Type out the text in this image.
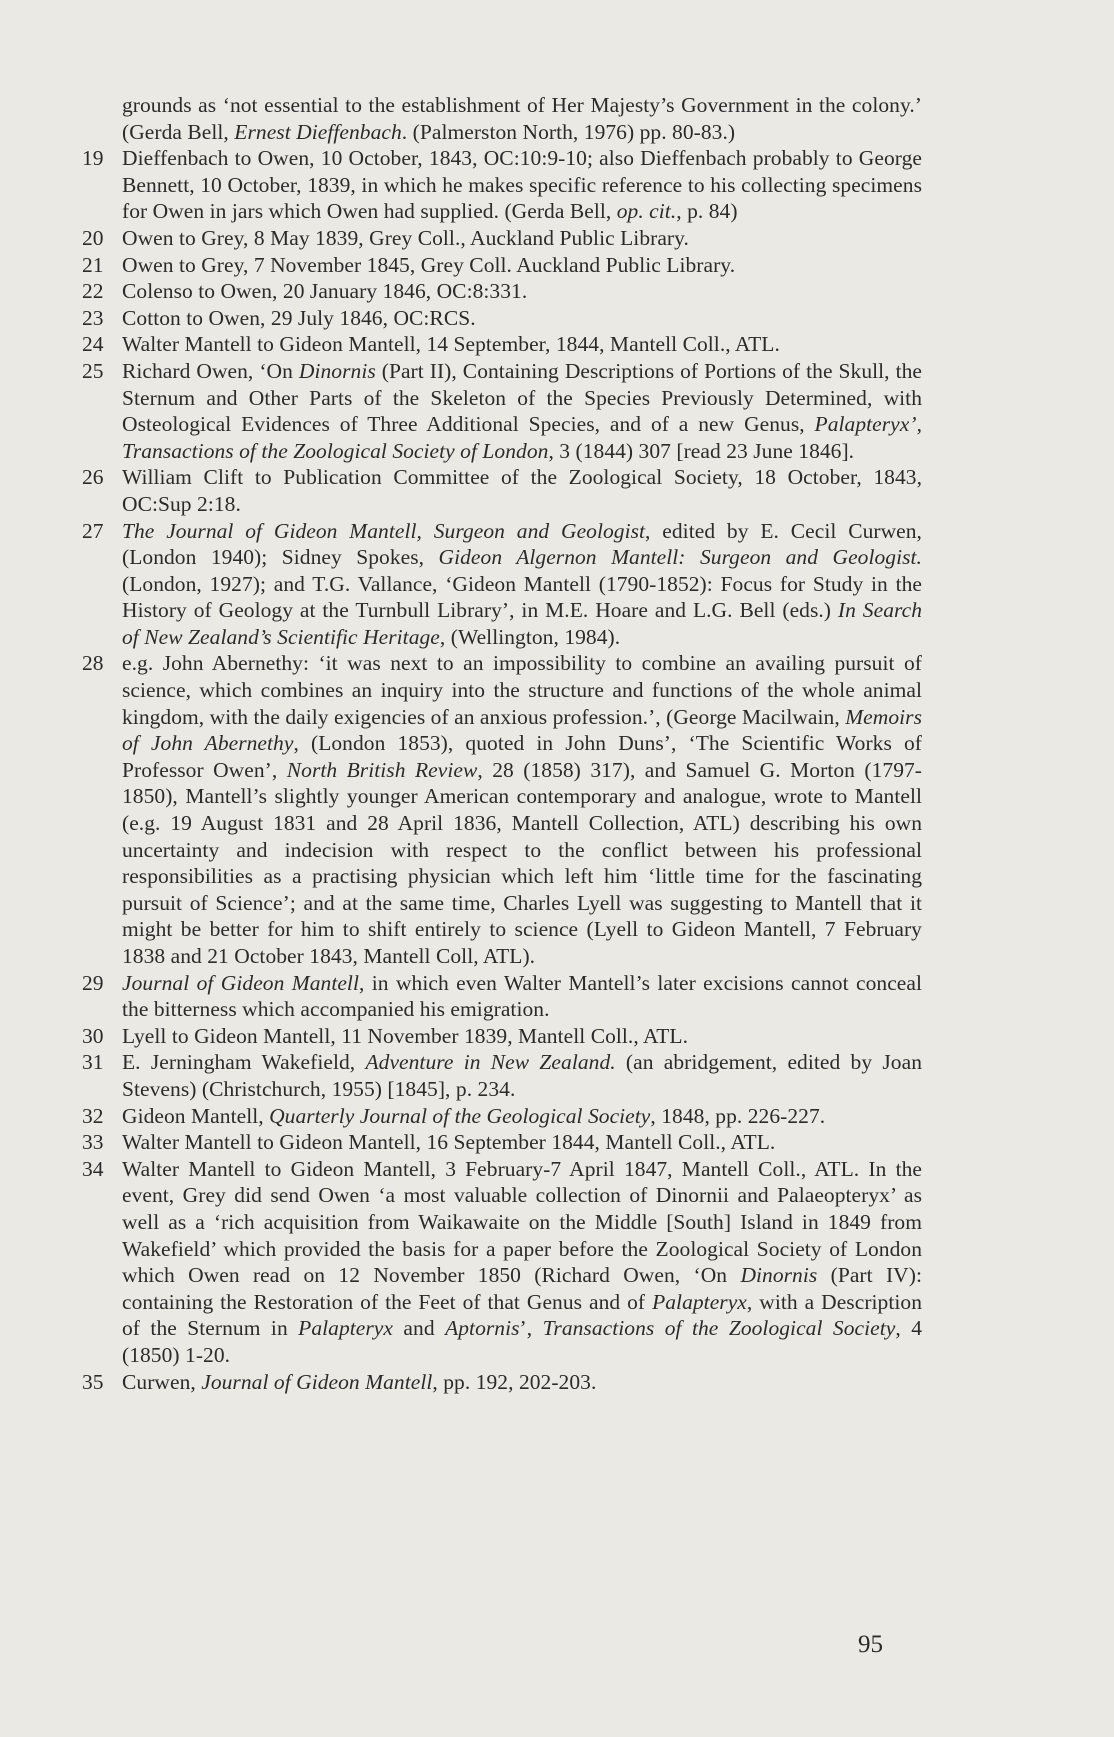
grounds as ‘not essential to the establishment of Her Majesty’s Government in the colony.’ (Gerda Bell, Ernest Dieffenbach. (Palmerston North, 1976) pp. 80-83.)

19 Dieffenbach to Owen, 10 October, 1843, OC:10:9-10; also Dieffenbach probably to George Bennett, 10 October, 1839, in which he makes specific reference to his collecting specimens for Owen in jars which Owen had supplied. (Gerda Bell, op. cit., p. 84)

20 Owen to Grey, 8 May 1839, Grey Coll., Auckland Public Library.

21 Owen to Grey, 7 November 1845, Grey Coll. Auckland Public Library.

22 Colenso to Owen, 20 January 1846, OC:8:331.

23 Cotton to Owen, 29 July 1846, OC:RCS.

24 Walter Mantell to Gideon Mantell, 14 September, 1844, Mantell Coll., ATL.

25 Richard Owen, ‘On Dinornis (Part II), Containing Descriptions of Portions of the Skull, the Sternum and Other Parts of the Skeleton of the Species Previously Determined, with Osteological Evidences of Three Additional Species, and of a new Genus, Palapteryx’, Transactions of the Zoological Society of London, 3 (1844) 307 [read 23 June 1846].

26 William Clift to Publication Committee of the Zoological Society, 18 October, 1843, OC:Sup 2:18.

27 The Journal of Gideon Mantell, Surgeon and Geologist, edited by E. Cecil Curwen, (London 1940); Sidney Spokes, Gideon Algernon Mantell: Surgeon and Geologist. (London, 1927); and T.G. Vallance, ‘Gideon Mantell (1790-1852): Focus for Study in the History of Geology at the Turnbull Library’, in M.E. Hoare and L.G. Bell (eds.) In Search of New Zealand’s Scientific Heritage, (Wellington, 1984).

28 e.g. John Abernethy: ‘it was next to an impossibility to combine an availing pursuit of science, which combines an inquiry into the structure and functions of the whole animal kingdom, with the daily exigencies of an anxious profession.’, (George Macilwain, Memoirs of John Abernethy, (London 1853), quoted in John Duns’, ‘The Scientific Works of Professor Owen’, North British Review, 28 (1858) 317), and Samuel G. Morton (1797-1850), Mantell’s slightly younger American contemporary and analogue, wrote to Mantell (e.g. 19 August 1831 and 28 April 1836, Mantell Collection, ATL) describing his own uncertainty and indecision with respect to the conflict between his professional responsibilities as a practising physician which left him ‘little time for the fascinating pursuit of Science’; and at the same time, Charles Lyell was suggesting to Mantell that it might be better for him to shift entirely to science (Lyell to Gideon Mantell, 7 February 1838 and 21 October 1843, Mantell Coll, ATL).

29 Journal of Gideon Mantell, in which even Walter Mantell’s later excisions cannot conceal the bitterness which accompanied his emigration.

30 Lyell to Gideon Mantell, 11 November 1839, Mantell Coll., ATL.

31 E. Jerningham Wakefield, Adventure in New Zealand. (an abridgement, edited by Joan Stevens) (Christchurch, 1955) [1845], p. 234.

32 Gideon Mantell, Quarterly Journal of the Geological Society, 1848, pp. 226-227.

33 Walter Mantell to Gideon Mantell, 16 September 1844, Mantell Coll., ATL.

34 Walter Mantell to Gideon Mantell, 3 February-7 April 1847, Mantell Coll., ATL. In the event, Grey did send Owen ‘a most valuable collection of Dinornii and Palaeopteryx’ as well as a ‘rich acquisition from Waikawaite on the Middle [South] Island in 1849 from Wakefield’ which provided the basis for a paper before the Zoological Society of London which Owen read on 12 November 1850 (Richard Owen, ‘On Dinornis (Part IV): containing the Restoration of the Feet of that Genus and of Palapteryx, with a Description of the Sternum in Palapteryx and Aptornis’, Transactions of the Zoological Society, 4 (1850) 1-20.

35 Curwen, Journal of Gideon Mantell, pp. 192, 202-203.

95
